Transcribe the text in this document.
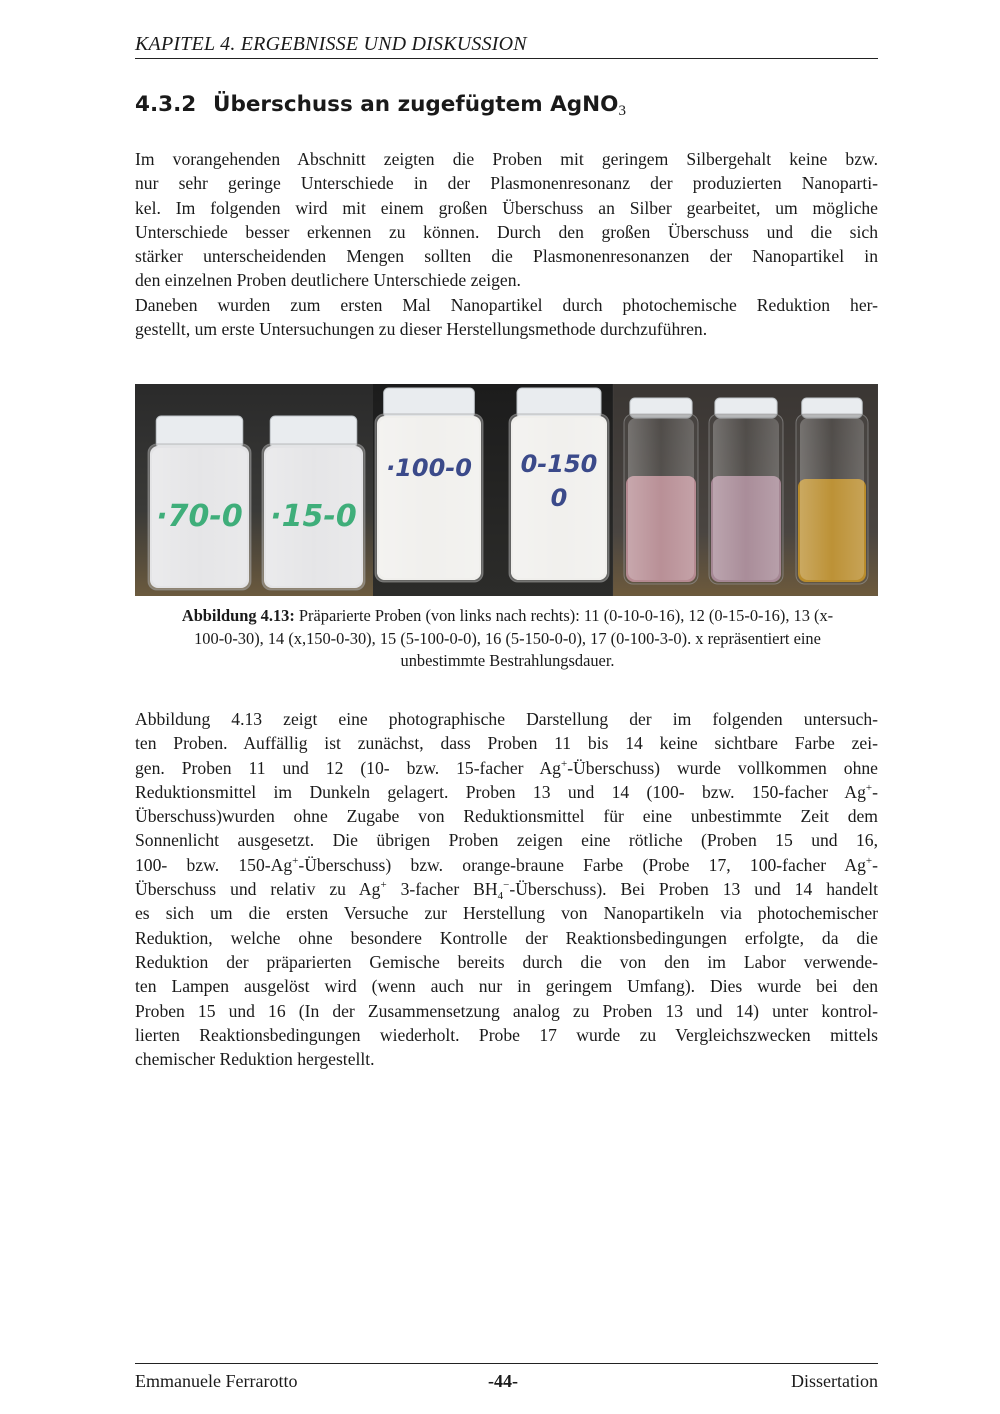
KAPITEL 4. ERGEBNISSE UND DISKUSSION
4.3.2 Überschuss an zugefügtem AgNO$_3$
Im vorangehenden Abschnitt zeigten die Proben mit geringem Silbergehalt keine bzw.
nur sehr geringe Unterschiede in der Plasmonenresonanz der produzierten Nanoparti-
kel. Im folgenden wird mit einem großen Überschuss an Silber gearbeitet, um mögliche
Unterschiede besser erkennen zu können. Durch den großen Überschuss und die sich
stärker unterscheidenden Mengen sollten die Plasmonenresonanzen der Nanopartikel in
den einzelnen Proben deutlichere Unterschiede zeigen.
Daneben wurden zum ersten Mal Nanopartikel durch photochemische Reduktion her-
gestellt, um erste Untersuchungen zu dieser Herstellungsmethode durchzuführen.
·70-0 ·15-0
·100-0 0-150
0
Abbildung 4.13: Präparierte Proben (von links nach rechts): 11 (0-10-0-16), 12 (0-15-0-16), 13 (x-100-0-30), 14 (x,150-0-30), 15 (5-100-0-0), 16 (5-150-0-0), 17 (0-100-3-0). x repräsentiert eine unbestimmte Bestrahlungsdauer.
Abbildung 4.13 zeigt eine photographische Darstellung der im folgenden untersuch-
ten Proben. Auffällig ist zunächst, dass Proben 11 bis 14 keine sichtbare Farbe zei-
gen. Proben 11 und 12 (10- bzw. 15-facher Ag+-Überschuss) wurde vollkommen ohne
Reduktionsmittel im Dunkeln gelagert. Proben 13 und 14 (100- bzw. 150-facher Ag+-
Überschuss)wurden ohne Zugabe von Reduktionsmittel für eine unbestimmte Zeit dem
Sonnenlicht ausgesetzt. Die übrigen Proben zeigen eine rötliche (Proben 15 und 16,
100- bzw. 150-Ag+-Überschuss) bzw. orange-braune Farbe (Probe 17, 100-facher Ag+-
Überschuss und relativ zu Ag+ 3-facher $BH_4^--Überschuss$). Bei Proben 13 und 14 handelt
es sich um die ersten Versuche zur Herstellung von Nanopartikeln via photochemischer
Reduktion, welche ohne besondere Kontrolle der Reaktionsbedingungen erfolgte, da die
Reduktion der präparierten Gemische bereits durch die von den im Labor verwende-
ten Lampen ausgelöst wird (wenn auch nur in geringem Umfang). Dies wurde bei den
Proben 15 und 16 (In der Zusammensetzung analog zu Proben 13 und 14) unter kontrol-
lierten Reaktionsbedingungen wiederholt. Probe 17 wurde zu Vergleichszwecken mittels
chemischer Reduktion hergestellt.
Emmanuele Ferrarotto	-44-	Dissertation
